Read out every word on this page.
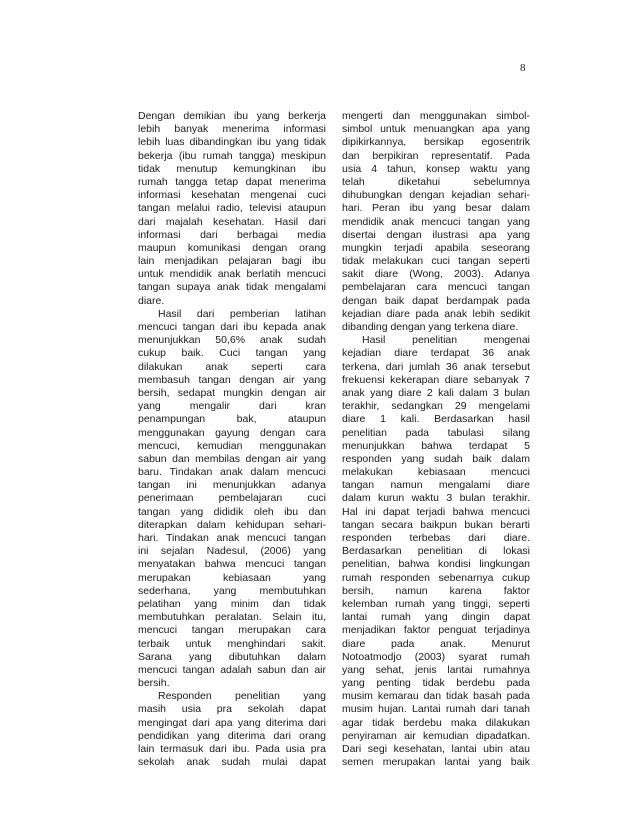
8
Dengan demikian ibu yang berkerja
lebih banyak menerima informasi
lebih luas dibandingkan ibu yang tidak
bekerja (ibu rumah tangga) meskipun
tidak menutup kemungkinan ibu
rumah tangga tetap dapat menerima
informasi kesehatan mengenai cuci
tangan melalui radio, televisi ataupun
dari majalah kesehatan. Hasil dari
informasi dari berbagai media
maupun komunikasi dengan orang
lain menjadikan pelajaran bagi ibu
untuk mendidik anak berlatih mencuci
tangan supaya anak tidak mengalami
diare.
Hasil dari pemberian latihan
mencuci tangan dari ibu kepada anak
menunjukkan 50,6% anak sudah
cukup baik. Cuci tangan yang
dilakukan anak seperti cara
membasuh tangan dengan air yang
bersih, sedapat mungkin dengan air
yang mengalir dari kran
penampungan bak, ataupun
menggunakan gayung dengan cara
mencuci, kemudian menggunakan
sabun dan membilas dengan air yang
baru. Tindakan anak dalam mencuci
tangan ini menunjukkan adanya
penerimaan pembelajaran cuci
tangan yang dididik oleh ibu dan
diterapkan dalam kehidupan sehari-
hari. Tindakan anak mencuci tangan
ini sejalan Nadesul, (2006) yang
menyatakan bahwa mencuci tangan
merupakan kebiasaan yang
sederhana, yang membutuhkan
pelatihan yang minim dan tidak
membutuhkan peralatan. Selain itu,
mencuci tangan merupakan cara
terbaik untuk menghindari sakit.
Sarana yang dibutuhkan dalam
mencuci tangan adalah sabun dan air
bersih.
Responden penelitian yang
masih usia pra sekolah dapat
mengingat dari apa yang diterima dari
pendidikan yang diterima dari orang
lain termasuk dari ibu. Pada usia pra
sekolah anak sudah mulai dapat
mengerti dan menggunakan simbol-
simbol untuk menuangkan apa yang
dipikirkannya, bersikap egosentrik
dan berpikiran representatif. Pada
usia 4 tahun, konsep waktu yang
telah diketahui sebelumnya
dihubungkan dengan kejadian sehari-
hari. Peran ibu yang besar dalam
mendidik anak mencuci tangan yang
disertai dengan ilustrasi apa yang
mungkin terjadi apabila seseorang
tidak melakukan cuci tangan seperti
sakit diare (Wong, 2003). Adanya
pembelajaran cara mencuci tangan
dengan baik dapat berdampak pada
kejadian diare pada anak lebih sedikit
dibanding dengan yang terkena diare.
Hasil penelitian mengenai
kejadian diare terdapat 36 anak
terkena, dari jumlah 36 anak tersebut
frekuensi kekerapan diare sebanyak 7
anak yang diare 2 kali dalam 3 bulan
terakhir, sedangkan 29 mengelami
diare 1 kali. Berdasarkan hasil
penelitian pada tabulasi silang
menunjukkan bahwa terdapat 5
responden yang sudah baik dalam
melakukan kebiasaan mencuci
tangan namun mengalami diare
dalam kurun waktu 3 bulan terakhir.
Hal ini dapat terjadi bahwa mencuci
tangan secara baikpun bukan berarti
responden terbebas dari diare.
Berdasarkan penelitian di lokasi
penelitian, bahwa kondisi lingkungan
rumah responden sebenarnya cukup
bersih, namun karena faktor
kelemban rumah yang tinggi, seperti
lantai rumah yang dingin dapat
menjadikan faktor penguat terjadinya
diare pada anak. Menurut
Notoatmodjo (2003) syarat rumah
yang sehat, jenis lantai rumahnya
yang penting tidak berdebu pada
musim kemarau dan tidak basah pada
musim hujan. Lantai rumah dari tanah
agar tidak berdebu maka dilakukan
penyiraman air kemudian dipadatkan.
Dari segi kesehatan, lantai ubin atau
semen merupakan lantai yang baik
